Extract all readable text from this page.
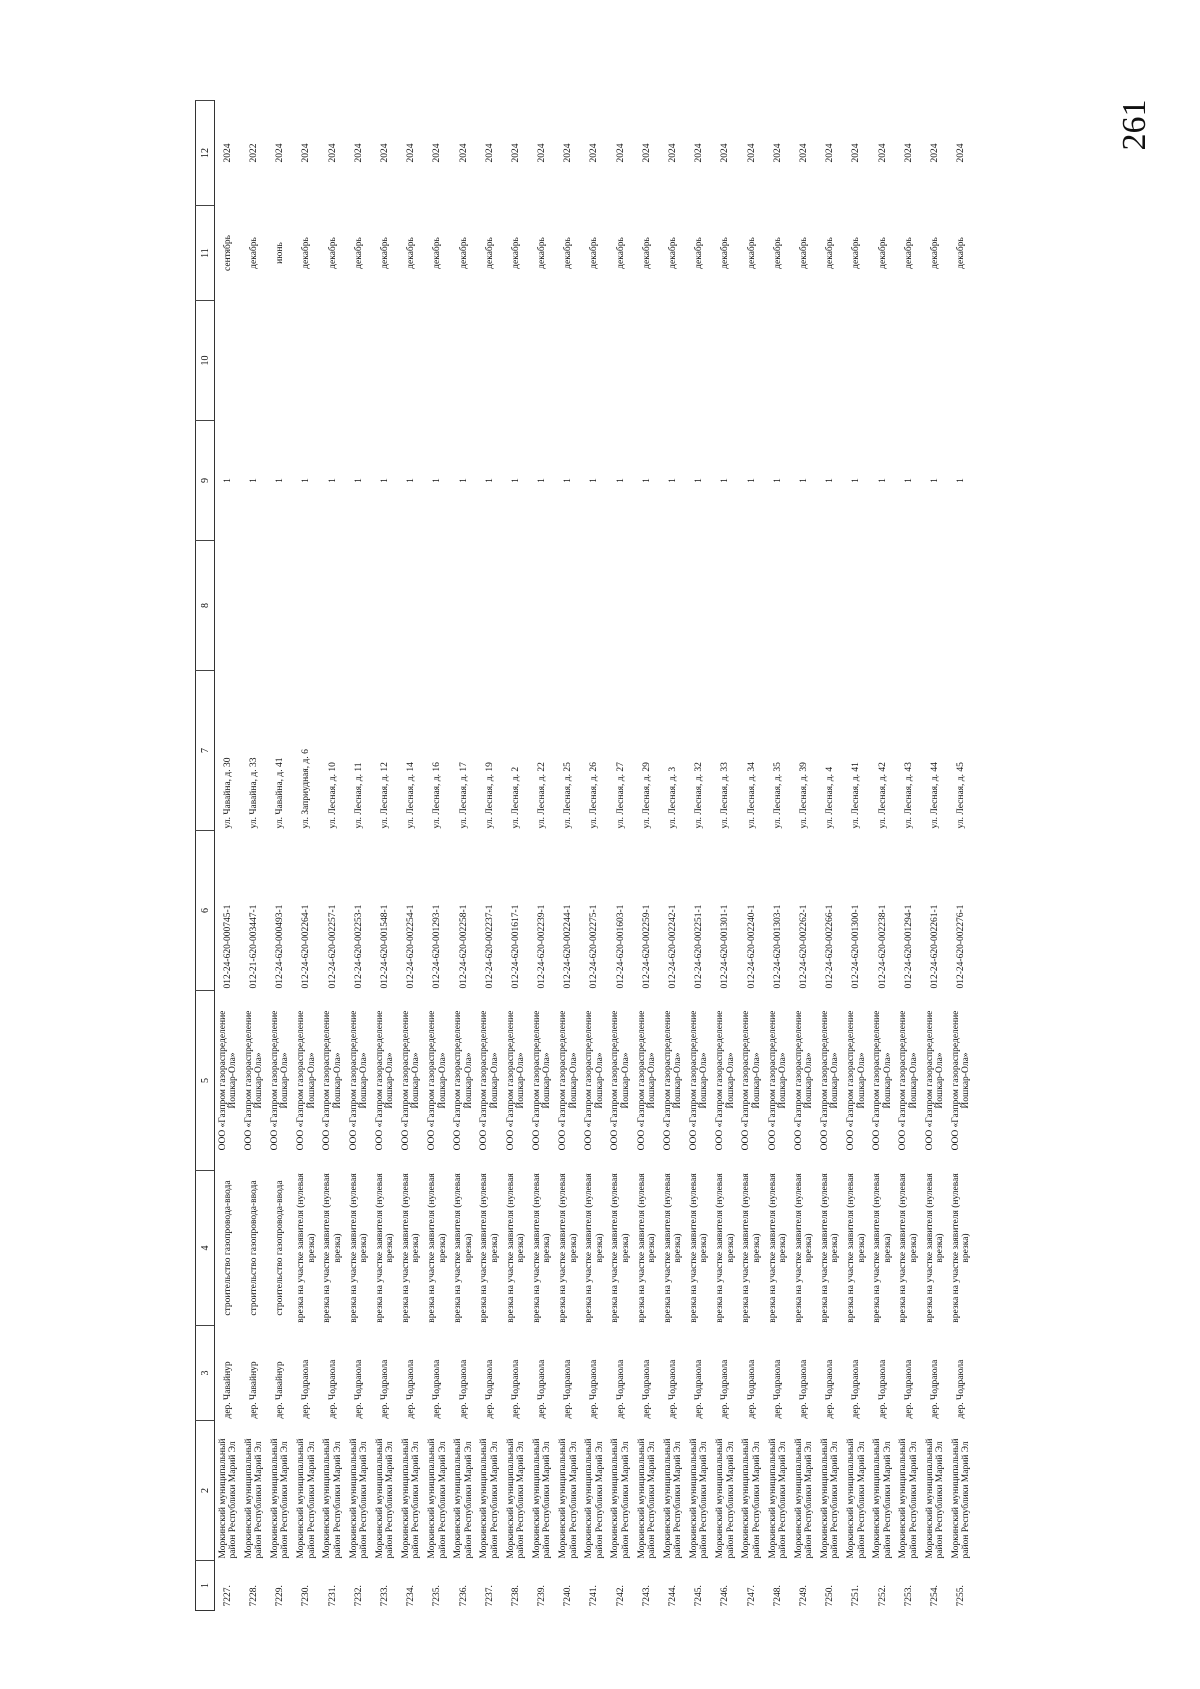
261
1	2	3	4	5	6	7	8	9	10	11	12
7227.	Моркинский муниципальный район Республики Марий Эл	дер. Чавайнур	строительство газопровода-ввода	ООО «Газпром газораспределение Йошкар-Ола»	012-24-620-000745-1	ул. Чавайна, д. 30		1		сентябрь	2024
7228.	Моркинский муниципальный район Республики Марий Эл	дер. Чавайнур	строительство газопровода-ввода	ООО «Газпром газораспределение Йошкар-Ола»	012-21-620-003447-1	ул. Чавайна, д. 33		1		декабрь	2022
7229.	Моркинский муниципальный район Республики Марий Эл	дер. Чавайнур	строительство газопровода-ввода	ООО «Газпром газораспределение Йошкар-Ола»	012-24-620-000493-1	ул. Чавайна, д. 41		1		июнь	2024
7230.	Моркинский муниципальный район Республики Марий Эл	дер. Чодраюла	врезка на участке заявителя (нулевая врезка)	ООО «Газпром газораспределение Йошкар-Ола»	012-24-620-002264-1	ул. Заприудная, д. 6		1		декабрь	2024
7231.	Моркинский муниципальный район Республики Марий Эл	дер. Чодраюла	врезка на участке заявителя (нулевая врезка)	ООО «Газпром газораспределение Йошкар-Ола»	012-24-620-002257-1	ул. Лесная, д. 10		1		декабрь	2024
7232.	Моркинский муниципальный район Республики Марий Эл	дер. Чодраюла	врезка на участке заявителя (нулевая врезка)	ООО «Газпром газораспределение Йошкар-Ола»	012-24-620-002253-1	ул. Лесная, д. 11		1		декабрь	2024
7233.	Моркинский муниципальный район Республики Марий Эл	дер. Чодраюла	врезка на участке заявителя (нулевая врезка)	ООО «Газпром газораспределение Йошкар-Ола»	012-24-620-001548-1	ул. Лесная, д. 12		1		декабрь	2024
7234.	Моркинский муниципальный район Республики Марий Эл	дер. Чодраюла	врезка на участке заявителя (нулевая врезка)	ООО «Газпром газораспределение Йошкар-Ола»	012-24-620-002254-1	ул. Лесная, д. 14		1		декабрь	2024
7235.	Моркинский муниципальный район Республики Марий Эл	дер. Чодраюла	врезка на участке заявителя (нулевая врезка)	ООО «Газпром газораспределение Йошкар-Ола»	012-24-620-001293-1	ул. Лесная, д. 16		1		декабрь	2024
7236.	Моркинский муниципальный район Республики Марий Эл	дер. Чодраюла	врезка на участке заявителя (нулевая врезка)	ООО «Газпром газораспределение Йошкар-Ола»	012-24-620-002258-1	ул. Лесная, д. 17		1		декабрь	2024
7237.	Моркинский муниципальный район Республики Марий Эл	дер. Чодраюла	врезка на участке заявителя (нулевая врезка)	ООО «Газпром газораспределение Йошкар-Ола»	012-24-620-002237-1	ул. Лесная, д. 19		1		декабрь	2024
7238.	Моркинский муниципальный район Республики Марий Эл	дер. Чодраюла	врезка на участке заявителя (нулевая врезка)	ООО «Газпром газораспределение Йошкар-Ола»	012-24-620-001617-1	ул. Лесная, д. 2		1		декабрь	2024
7239.	Моркинский муниципальный район Республики Марий Эл	дер. Чодраюла	врезка на участке заявителя (нулевая врезка)	ООО «Газпром газораспределение Йошкар-Ола»	012-24-620-002239-1	ул. Лесная, д. 22		1		декабрь	2024
7240.	Моркинский муниципальный район Республики Марий Эл	дер. Чодраюла	врезка на участке заявителя (нулевая врезка)	ООО «Газпром газораспределение Йошкар-Ола»	012-24-620-002244-1	ул. Лесная, д. 25		1		декабрь	2024
7241.	Моркинский муниципальный район Республики Марий Эл	дер. Чодраюла	врезка на участке заявителя (нулевая врезка)	ООО «Газпром газораспределение Йошкар-Ола»	012-24-620-002275-1	ул. Лесная, д. 26		1		декабрь	2024
7242.	Моркинский муниципальный район Республики Марий Эл	дер. Чодраюла	врезка на участке заявителя (нулевая врезка)	ООО «Газпром газораспределение Йошкар-Ола»	012-24-620-001603-1	ул. Лесная, д. 27		1		декабрь	2024
7243.	Моркинский муниципальный район Республики Марий Эл	дер. Чодраюла	врезка на участке заявителя (нулевая врезка)	ООО «Газпром газораспределение Йошкар-Ола»	012-24-620-002259-1	ул. Лесная, д. 29		1		декабрь	2024
7244.	Моркинский муниципальный район Республики Марий Эл	дер. Чодраюла	врезка на участке заявителя (нулевая врезка)	ООО «Газпром газораспределение Йошкар-Ола»	012-24-620-002242-1	ул. Лесная, д. 3		1		декабрь	2024
7245.	Моркинский муниципальный район Республики Марий Эл	дер. Чодраюла	врезка на участке заявителя (нулевая врезка)	ООО «Газпром газораспределение Йошкар-Ола»	012-24-620-002251-1	ул. Лесная, д. 32		1		декабрь	2024
7246.	Моркинский муниципальный район Республики Марий Эл	дер. Чодраюла	врезка на участке заявителя (нулевая врезка)	ООО «Газпром газораспределение Йошкар-Ола»	012-24-620-001301-1	ул. Лесная, д. 33		1		декабрь	2024
7247.	Моркинский муниципальный район Республики Марий Эл	дер. Чодраюла	врезка на участке заявителя (нулевая врезка)	ООО «Газпром газораспределение Йошкар-Ола»	012-24-620-002240-1	ул. Лесная, д. 34		1		декабрь	2024
7248.	Моркинский муниципальный район Республики Марий Эл	дер. Чодраюла	врезка на участке заявителя (нулевая врезка)	ООО «Газпром газораспределение Йошкар-Ола»	012-24-620-001303-1	ул. Лесная, д. 35		1		декабрь	2024
7249.	Моркинский муниципальный район Республики Марий Эл	дер. Чодраюла	врезка на участке заявителя (нулевая врезка)	ООО «Газпром газораспределение Йошкар-Ола»	012-24-620-002262-1	ул. Лесная, д. 39		1		декабрь	2024
7250.	Моркинский муниципальный район Республики Марий Эл	дер. Чодраюла	врезка на участке заявителя (нулевая врезка)	ООО «Газпром газораспределение Йошкар-Ола»	012-24-620-002266-1	ул. Лесная, д. 4		1		декабрь	2024
7251.	Моркинский муниципальный район Республики Марий Эл	дер. Чодраюла	врезка на участке заявителя (нулевая врезка)	ООО «Газпром газораспределение Йошкар-Ола»	012-24-620-001300-1	ул. Лесная, д. 41		1		декабрь	2024
7252.	Моркинский муниципальный район Республики Марий Эл	дер. Чодраюла	врезка на участке заявителя (нулевая врезка)	ООО «Газпром газораспределение Йошкар-Ола»	012-24-620-002238-1	ул. Лесная, д. 42		1		декабрь	2024
7253.	Моркинский муниципальный район Республики Марий Эл	дер. Чодраюла	врезка на участке заявителя (нулевая врезка)	ООО «Газпром газораспределение Йошкар-Ола»	012-24-620-001294-1	ул. Лесная, д. 43		1		декабрь	2024
7254.	Моркинский муниципальный район Республики Марий Эл	дер. Чодраюла	врезка на участке заявителя (нулевая врезка)	ООО «Газпром газораспределение Йошкар-Ола»	012-24-620-002261-1	ул. Лесная, д. 44		1		декабрь	2024
7255.	Моркинский муниципальный район Республики Марий Эл	дер. Чодраюла	врезка на участке заявителя (нулевая врезка)	ООО «Газпром газораспределение Йошкар-Ола»	012-24-620-002276-1	ул. Лесная, д. 45		1		декабрь	2024
